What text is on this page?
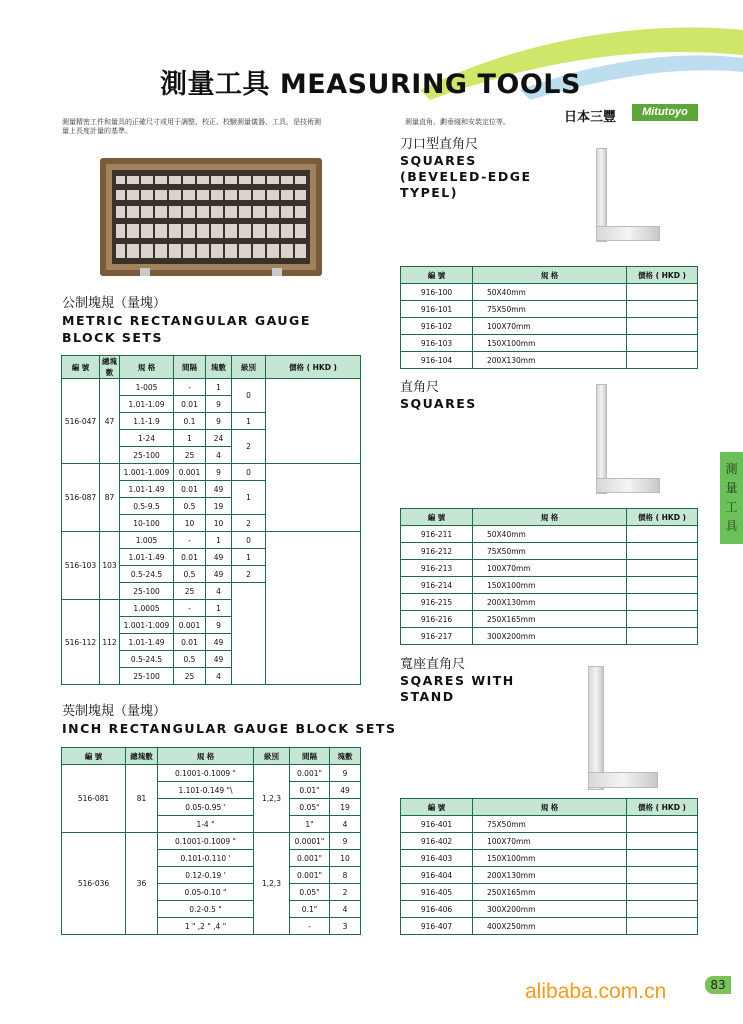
測量工具 MEASURING TOOLS
測量精密工件和量具的正確尺寸或用于調整、校正、校驗測量儀器、工具，是技術測量上長度計量的基準。
測量直角、劃垂綫和安裝定位等。	日本三豐	Mitutoyo
公制塊規（量塊）
METRIC RECTANGULAR GAUGE
BLOCK SETS
編 號	總塊數	規 格	間隔	塊數	級別	價格 ( HKD )
516-047	47	1-005	-	1	0	
		1.01-1.09	0.01	9		
		1.1-1.9	0.1	9	1	
		1-24	1	24	2	
		25-100	25	4		
516-087	87	1.001-1.009	0.001	9	0	
		1.01-1.49	0.01	49	1	
		0.5-9.5	0.5	19		
		10-100	10	10	2	
516-103	103	1.005	-	1	0	
		1.01-1.49	0.01	49	1	
		0.5-24.5	0.5	49	2	
		25-100	25	4		
516-112	112	1.0005	-	1		
		1.001-1.009	0.001	9		
		1.01-1.49	0.01	49		
		0.5-24.5	0.5	49		
		25-100	25	4		
英制塊規（量塊）
INCH RECTANGULAR GAUGE BLOCK SETS
編 號	總塊數	規 格	級別	間隔	塊數
516-081	81	0.1001-0.1009 "	1,2,3	0.001"	9
		1.101-0.149 "\		0.01"	49
		0.05-0.95 '		0.05"	19
		1-4 "		1"	4
516-036	36	0.1001-0.1009 "	1,2,3	0.0001"	9
		0.101-0.110 '		0.001"	10
		0.12-0.19 '		0.001"	8
		0.05-0.10 "		0.05"	2
		0.2-0.5 "		0.1"	4
		1 " ,2 " ,4 "		-	3
刀口型直角尺
SQUARES
(BEVELED-EDGE
TYPEL)
編 號	規 格	價格 ( HKD )
916-100	50X40mm	
916-101	75X50mm	
916-102	100X70mm	
916-103	150X100mm	
916-104	200X130mm	
直角尺
SQUARES
編 號	規 格	價格 ( HKD )
916-211	50X40mm	
916-212	75X50mm	
916-213	100X70mm	
916-214	150X100mm	
916-215	200X130mm	
916-216	250X165mm	
916-217	300X200mm	
寬座直角尺
SQARES WITH
STAND
編 號	規 格	價格 ( HKD )
916-401	75X50mm	
916-402	100X70mm	
916-403	150X100mm	
916-404	200X130mm	
916-405	250X165mm	
916-406	300X200mm	
916-407	400X250mm	
測
量
工
具
alibaba.com.cn	83
